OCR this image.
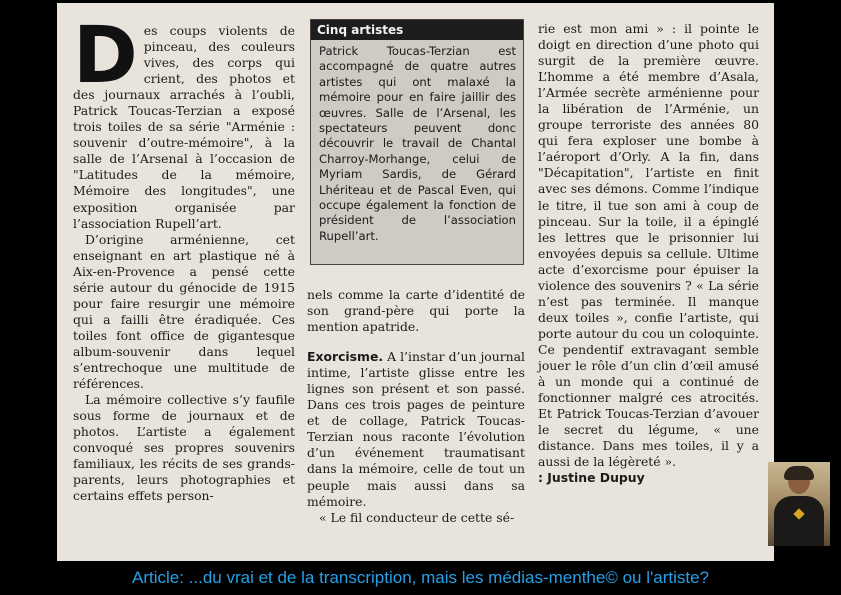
D es coups violents de pinceau, des couleurs vives, des corps qui crient, des photos et des journaux arrachés à l’oubli, Patrick Toucas-Terzian a exposé trois toiles de sa série "Arménie : souvenir d’outre-mémoire", à la salle de l’Arsenal à l’occasion de "Latitudes de la mémoire, Mémoire des longitudes", une exposition organisée par l’association Rupell’art.

D’origine arménienne, cet enseignant en art plastique né à Aix-en-Provence a pensé cette série autour du génocide de 1915 pour faire resurgir une mémoire qui a failli être éradiquée. Ces toiles font office de gigantesque album-souvenir dans lequel s’entrechoque une multitude de références.

La mémoire collective s’y faufile sous forme de journaux et de photos. L’artiste a également convoqué ses propres souvenirs familiaux, les récits de ses grands-parents, leurs photographies et certains effets person-

Cinq artistes
Patrick Toucas-Terzian est accompagné de quatre autres artistes qui ont malaxé la mémoire pour en faire jaillir des œuvres. Salle de l’Arsenal, les spectateurs peuvent donc découvrir le travail de Chantal Charroy-Morhange, celui de Myriam Sardis, de Gérard Lhériteau et de Pascal Even, qui occupe également la fonction de président de l’association Rupell’art.

nels comme la carte d’identité de son grand-père qui porte la mention apatride.

Exorcisme. A l’instar d’un journal intime, l’artiste glisse entre les lignes son présent et son passé. Dans ces trois pages de peinture et de collage, Patrick Toucas-Terzian nous raconte l’évolution d’un événement traumatisant dans la mémoire, celle de tout un peuple mais aussi dans sa mémoire.

« Le fil conducteur de cette sé-

rie est mon ami » : il pointe le doigt en direction d’une photo qui surgit de la première œuvre. L’homme a été membre d’Asala, l’Armée secrète arménienne pour la libération de l’Arménie, un groupe terroriste des années 80 qui fera exploser une bombe à l’aéroport d’Orly. A la fin, dans "Décapitation", l’artiste en finit avec ses démons. Comme l’indique le titre, il tue son ami à coup de pinceau. Sur la toile, il a épinglé les lettres que le prisonnier lui envoyées depuis sa cellule. Ultime acte d’exorcisme pour épuiser la violence des souvenirs ? « La série n’est pas terminée. Il manque deux toiles », confie l’artiste, qui porte autour du cou un coloquinte. Ce pendentif extravagant semble jouer le rôle d’un clin d’œil amusé à un monde qui a continué de fonctionner malgré ces atrocités. Et Patrick Toucas-Terzian d’avouer le secret du légume, « une distance. Dans mes toiles, il y a aussi de la légèreté ».

: Justine Dupuy

Article: ...du vrai et de la transcription, mais les médias-menthe© ou l'artiste?
